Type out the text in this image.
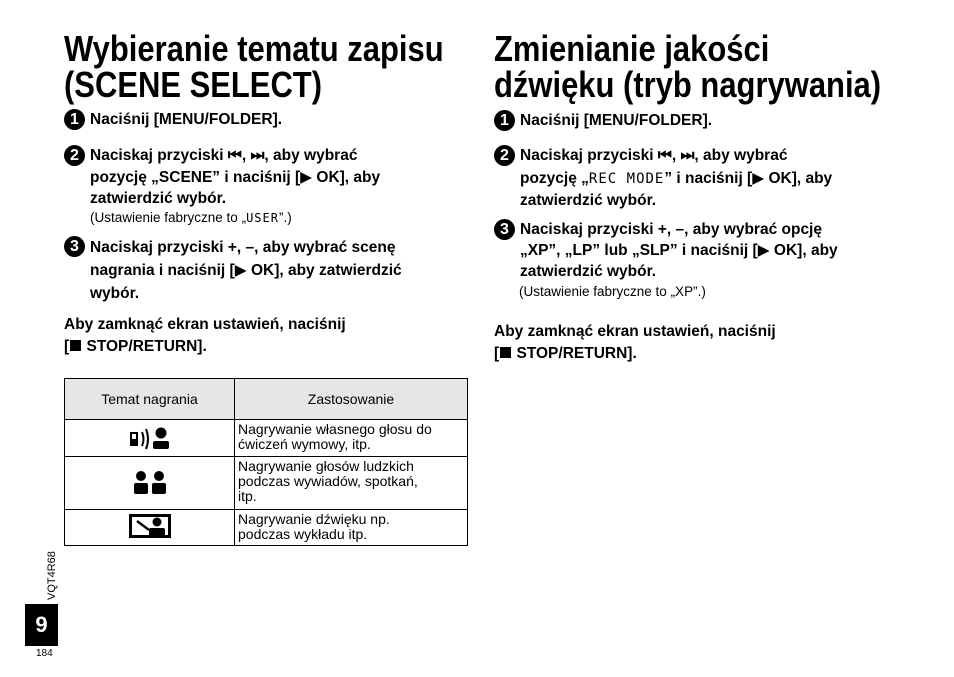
Wybieranie tematu zapisu
(SCENE SELECT)
1 Naciśnij [MENU/FOLDER].
2 Naciskaj przyciski ⏮, ⏭, aby wybrać
pozycję „SCENE” i naciśnij [▶ OK], aby
zatwierdzić wybór.
(Ustawienie fabryczne to „USER”.)
3 Naciskaj przyciski +, –, aby wybrać scenę
nagrania i naciśnij [▶ OK], aby zatwierdzić
wybór.
Aby zamknąć ekran ustawień, naciśnij
[ STOP/RETURN].
Temat nagrania	Zastosowanie

Nagrywanie własnego głosu do
ćwiczeń wymowy, itp.

Nagrywanie głosów ludzkich
podczas wywiadów, spotkań,
itp.

Nagrywanie dźwięku np.
podczas wykładu itp.
Zmienianie jakości
dźwięku (tryb nagrywania)
1 Naciśnij [MENU/FOLDER].
2 Naciskaj przyciski ⏮, ⏭, aby wybrać
pozycję „REC MODE” i naciśnij [▶ OK], aby
zatwierdzić wybór.
3 Naciskaj przyciski +, –, aby wybrać opcję
„XP”, „LP” lub „SLP” i naciśnij [▶ OK], aby
zatwierdzić wybór.
(Ustawienie fabryczne to „XP”.)
Aby zamknąć ekran ustawień, naciśnij
[ STOP/RETURN].
VQT4R68
9
184
